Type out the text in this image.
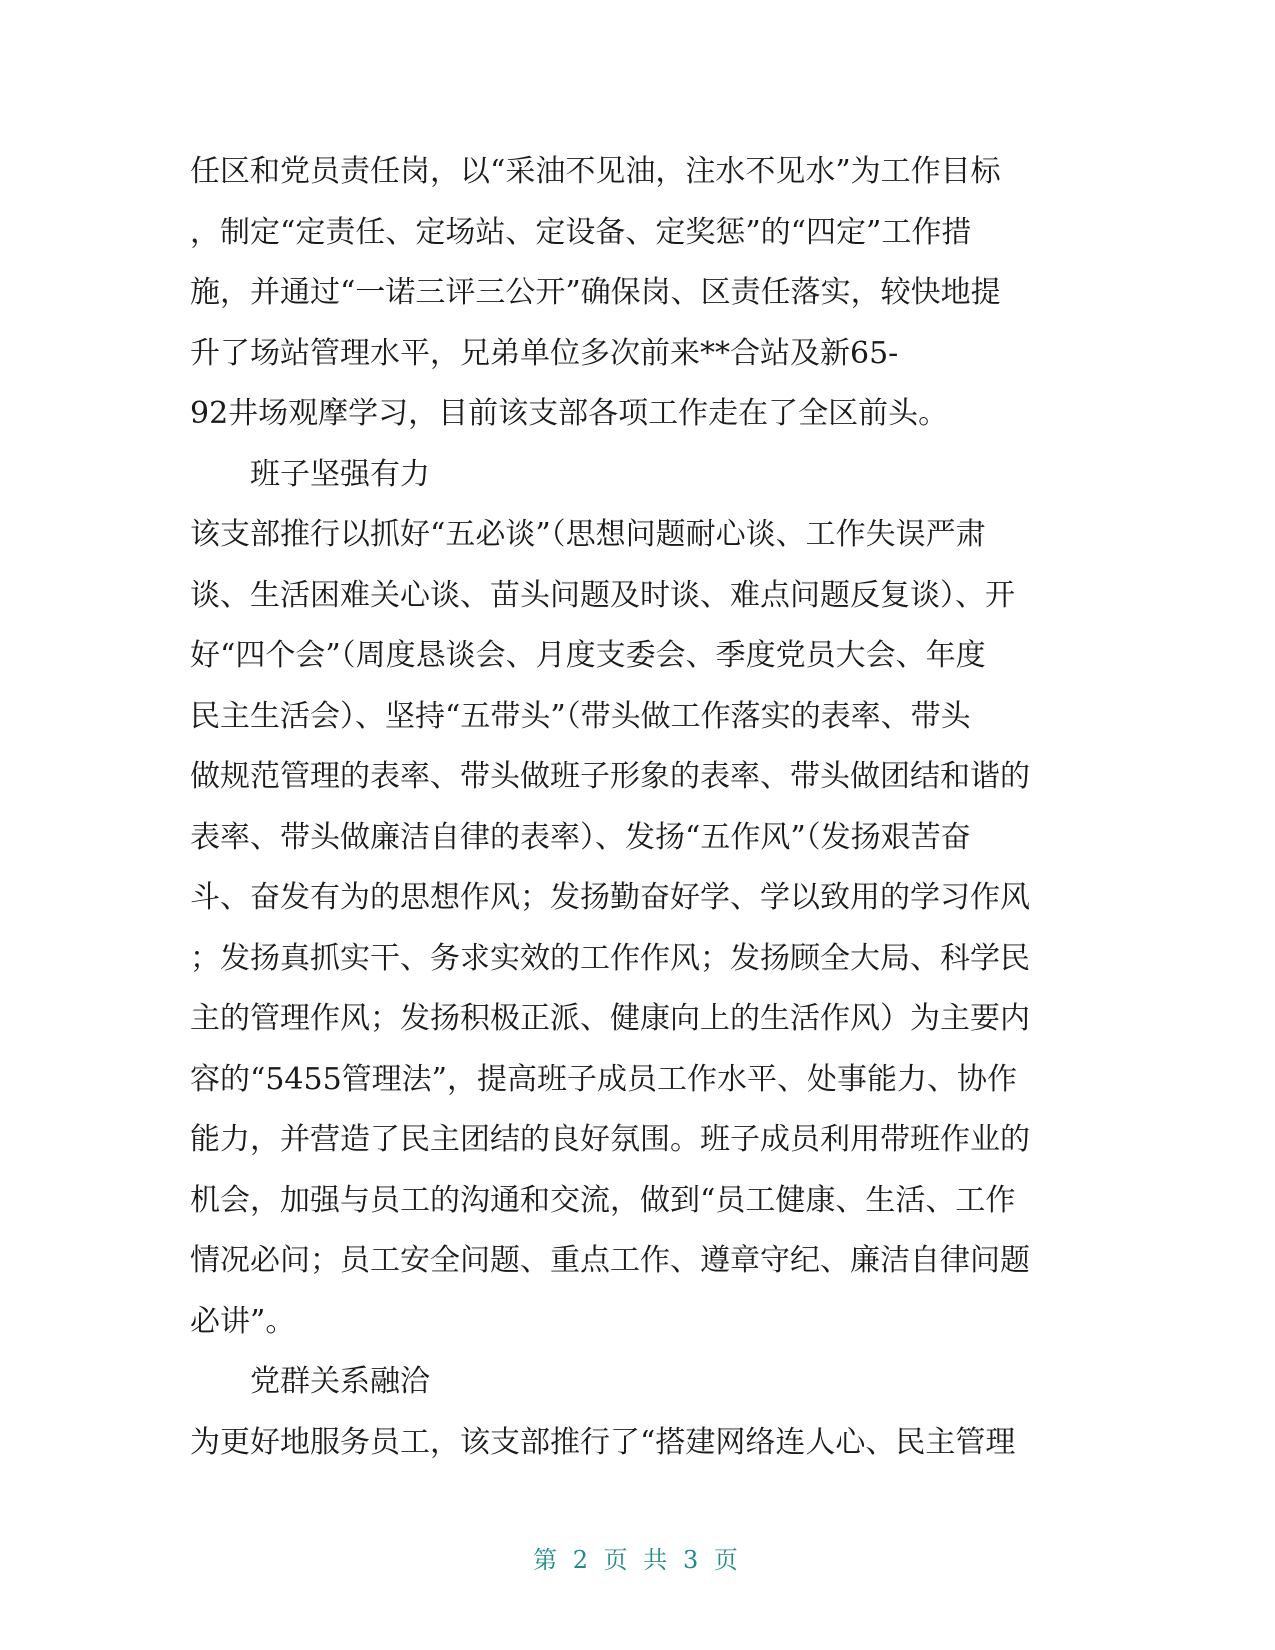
任区和党员责任岗，以“采油不见油，注水不见水”为工作目标
，制定“定责任、定场站、定设备、定奖惩”的“四定”工作措
施，并通过“一诺三评三公开”确保岗、区责任落实，较快地提
升了场站管理水平，兄弟单位多次前来**合站及新65-
92井场观摩学习，目前该支部各项工作走在了全区前头。
班子坚强有力
该支部推行以抓好“五必谈”（思想问题耐心谈、工作失误严肃
谈、生活困难关心谈、苗头问题及时谈、难点问题反复谈）、开
好“四个会”（周度恳谈会、月度支委会、季度党员大会、年度
民主生活会）、坚持“五带头”（带头做工作落实的表率、带头
做规范管理的表率、带头做班子形象的表率、带头做团结和谐的
表率、带头做廉洁自律的表率）、发扬“五作风”（发扬艰苦奋
斗、奋发有为的思想作风；发扬勤奋好学、学以致用的学习作风
；发扬真抓实干、务求实效的工作作风；发扬顾全大局、科学民
主的管理作风；发扬积极正派、健康向上的生活作风）为主要内
容的“5455管理法”，提高班子成员工作水平、处事能力、协作
能力，并营造了民主团结的良好氛围。班子成员利用带班作业的
机会，加强与员工的沟通和交流，做到“员工健康、生活、工作
情况必问；员工安全问题、重点工作、遵章守纪、廉洁自律问题
必讲”。
党群关系融洽
为更好地服务员工，该支部推行了“搭建网络连人心、民主管理
第 2 页 共 3 页
